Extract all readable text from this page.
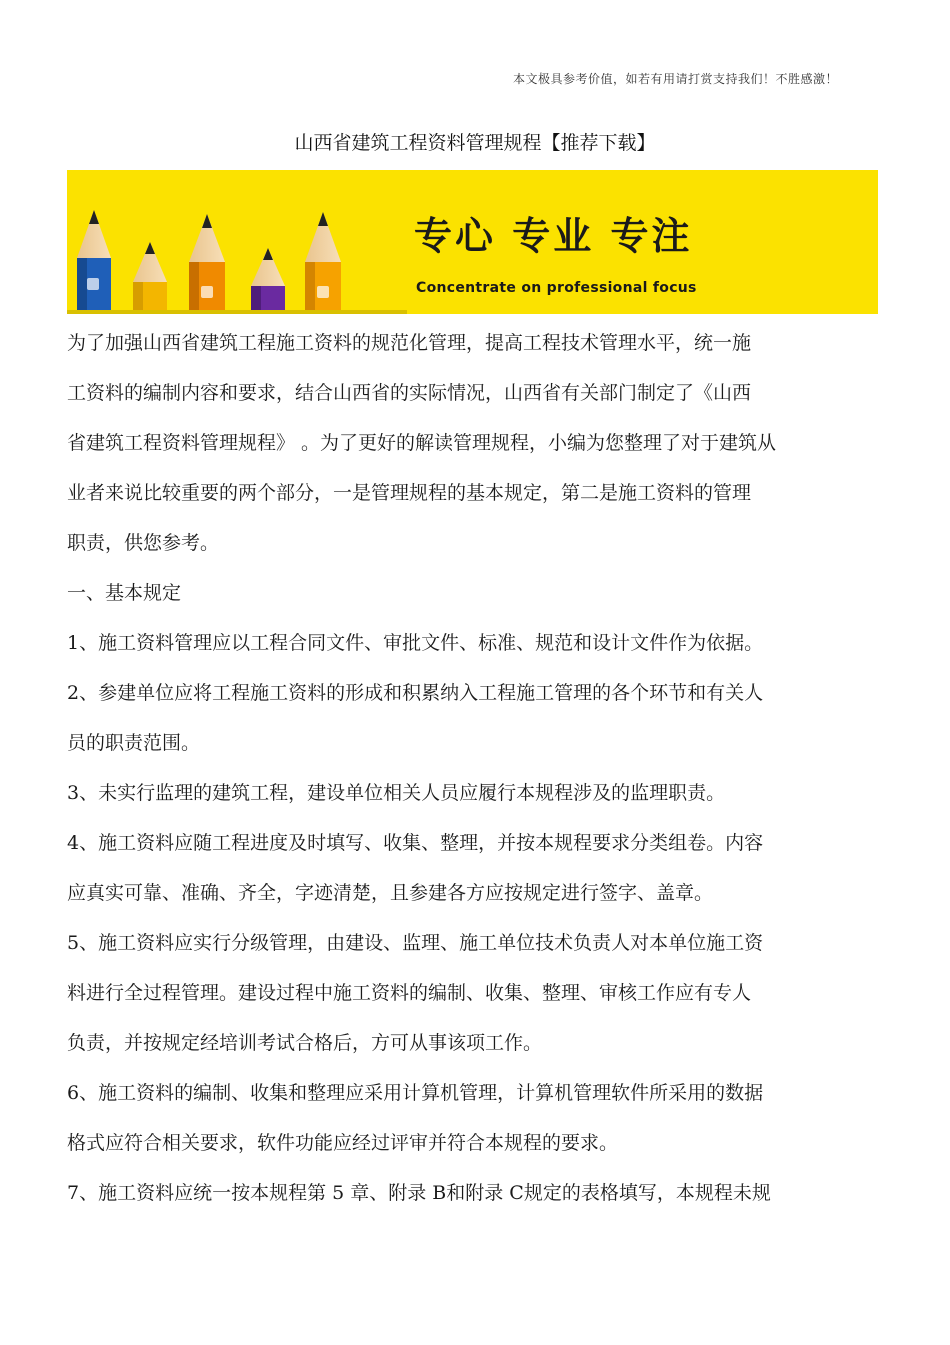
本文极具参考价值，如若有用请打赏支持我们！不胜感激！
山西省建筑工程资料管理规程【推荐下载】
专心 专业 专注
Concentrate on professional focus

为了加强山西省建筑工程施工资料的规范化管理，提高工程技术管理水平，统一施

工资料的编制内容和要求，结合山西省的实际情况，山西省有关部门制定了《山西

省建筑工程资料管理规程》 。为了更好的解读管理规程，小编为您整理了对于建筑从

业者来说比较重要的两个部分，一是管理规程的基本规定，第二是施工资料的管理

职责，供您参考。

一、基本规定

1、施工资料管理应以工程合同文件、审批文件、标准、规范和设计文件作为依据。

2、参建单位应将工程施工资料的形成和积累纳入工程施工管理的各个环节和有关人

员的职责范围。

3、未实行监理的建筑工程，建设单位相关人员应履行本规程涉及的监理职责。

4、施工资料应随工程进度及时填写、收集、整理，并按本规程要求分类组卷。内容

应真实可靠、准确、齐全，字迹清楚，且参建各方应按规定进行签字、盖章。

5、施工资料应实行分级管理，由建设、监理、施工单位技术负责人对本单位施工资

料进行全过程管理。建设过程中施工资料的编制、收集、整理、审核工作应有专人

负责，并按规定经培训考试合格后，方可从事该项工作。

6、施工资料的编制、收集和整理应采用计算机管理，计算机管理软件所采用的数据

格式应符合相关要求，软件功能应经过评审并符合本规程的要求。

7、施工资料应统一按本规程第 5 章、附录 B和附录 C规定的表格填写，本规程未规
